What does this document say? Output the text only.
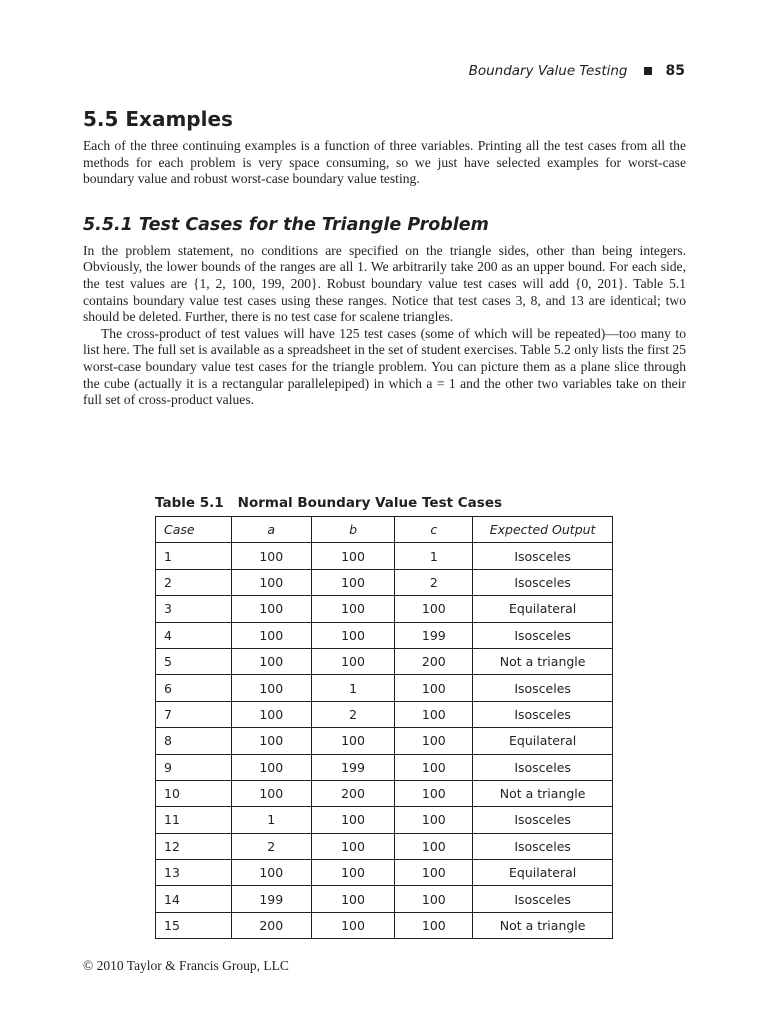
Boundary Value Testing	85
5.5 Examples

Each of the three continuing examples is a function of three variables. Printing all the test cases from all the methods for each problem is very space consuming, so we just have selected examples for worst-case boundary value and robust worst-case boundary value testing.

5.5.1 Test Cases for the Triangle Problem

In the problem statement, no conditions are specified on the triangle sides, other than being integers. Obviously, the lower bounds of the ranges are all 1. We arbitrarily take 200 as an upper bound. For each side, the test values are {1, 2, 100, 199, 200}. Robust boundary value test cases will add {0, 201}. Table 5.1 contains boundary value test cases using these ranges. Notice that test cases 3, 8, and 13 are identical; two should be deleted. Further, there is no test case for scalene triangles.

The cross-product of test values will have 125 test cases (some of which will be repeated)—too many to list here. The full set is available as a spreadsheet in the set of student exercises. Table 5.2 only lists the first 25 worst-case boundary value test cases for the triangle problem. You can picture them as a plane slice through the cube (actually it is a rectangular parallelepiped) in which a = 1 and the other two variables take on their full set of cross-product values.

Table 5.1 Normal Boundary Value Test Cases
Case	a	b	c	Expected Output
1	100	100	1	Isosceles
2	100	100	2	Isosceles
3	100	100	100	Equilateral
4	100	100	199	Isosceles
5	100	100	200	Not a triangle
6	100	1	100	Isosceles
7	100	2	100	Isosceles
8	100	100	100	Equilateral
9	100	199	100	Isosceles
10	100	200	100	Not a triangle
11	1	100	100	Isosceles
12	2	100	100	Isosceles
13	100	100	100	Equilateral
14	199	100	100	Isosceles
15	200	100	100	Not a triangle
© 2010 Taylor & Francis Group, LLC
